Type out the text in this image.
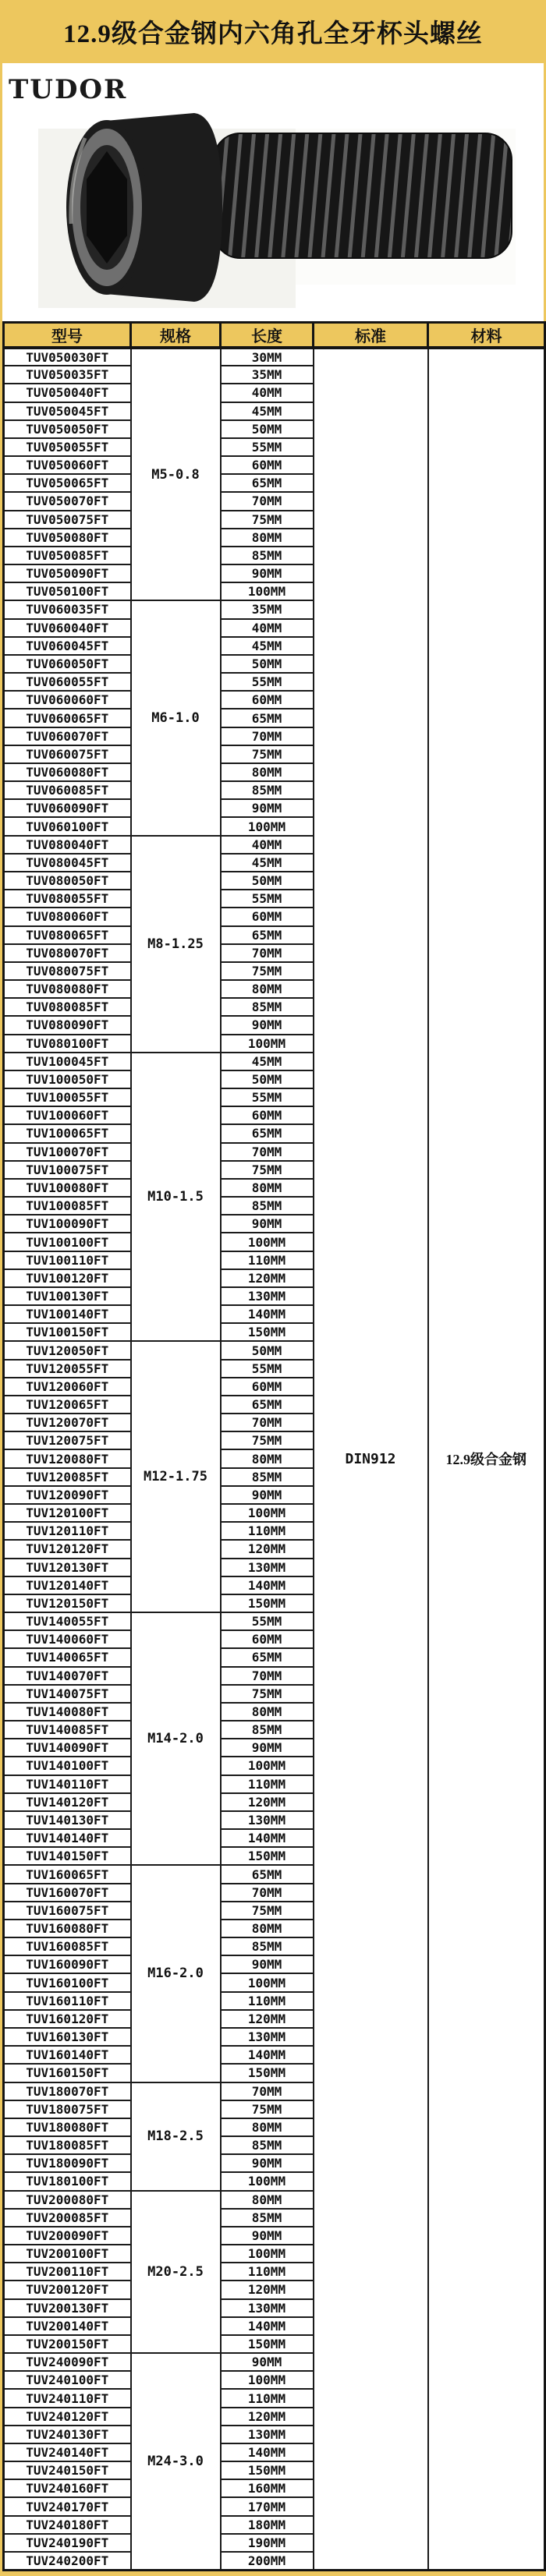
12.9级合金钢内六角孔全牙杯头螺丝
TUDOR
型号	规格	长度	标准	材料
TUV050030FT	M5-0.8	30MM	DIN912	12.9级合金钢
TUV050035FT		35MM		
TUV050040FT		40MM		
TUV050045FT		45MM		
TUV050050FT		50MM		
TUV050055FT		55MM		
TUV050060FT		60MM		
TUV050065FT		65MM		
TUV050070FT		70MM		
TUV050075FT		75MM		
TUV050080FT		80MM		
TUV050085FT		85MM		
TUV050090FT		90MM		
TUV050100FT		100MM		
TUV060035FT	M6-1.0	35MM		
TUV060040FT		40MM		
TUV060045FT		45MM		
TUV060050FT		50MM		
TUV060055FT		55MM		
TUV060060FT		60MM		
TUV060065FT		65MM		
TUV060070FT		70MM		
TUV060075FT		75MM		
TUV060080FT		80MM		
TUV060085FT		85MM		
TUV060090FT		90MM		
TUV060100FT		100MM		
TUV080040FT	M8-1.25	40MM		
TUV080045FT		45MM		
TUV080050FT		50MM		
TUV080055FT		55MM		
TUV080060FT		60MM		
TUV080065FT		65MM		
TUV080070FT		70MM		
TUV080075FT		75MM		
TUV080080FT		80MM		
TUV080085FT		85MM		
TUV080090FT		90MM		
TUV080100FT		100MM		
TUV100045FT	M10-1.5	45MM		
TUV100050FT		50MM		
TUV100055FT		55MM		
TUV100060FT		60MM		
TUV100065FT		65MM		
TUV100070FT		70MM		
TUV100075FT		75MM		
TUV100080FT		80MM		
TUV100085FT		85MM		
TUV100090FT		90MM		
TUV100100FT		100MM		
TUV100110FT		110MM		
TUV100120FT		120MM		
TUV100130FT		130MM		
TUV100140FT		140MM		
TUV100150FT		150MM		
TUV120050FT	M12-1.75	50MM		
TUV120055FT		55MM		
TUV120060FT		60MM		
TUV120065FT		65MM		
TUV120070FT		70MM		
TUV120075FT		75MM		
TUV120080FT		80MM		
TUV120085FT		85MM		
TUV120090FT		90MM		
TUV120100FT		100MM		
TUV120110FT		110MM		
TUV120120FT		120MM		
TUV120130FT		130MM		
TUV120140FT		140MM		
TUV120150FT		150MM		
TUV140055FT	M14-2.0	55MM		
TUV140060FT		60MM		
TUV140065FT		65MM		
TUV140070FT		70MM		
TUV140075FT		75MM		
TUV140080FT		80MM		
TUV140085FT		85MM		
TUV140090FT		90MM		
TUV140100FT		100MM		
TUV140110FT		110MM		
TUV140120FT		120MM		
TUV140130FT		130MM		
TUV140140FT		140MM		
TUV140150FT		150MM		
TUV160065FT	M16-2.0	65MM		
TUV160070FT		70MM		
TUV160075FT		75MM		
TUV160080FT		80MM		
TUV160085FT		85MM		
TUV160090FT		90MM		
TUV160100FT		100MM		
TUV160110FT		110MM		
TUV160120FT		120MM		
TUV160130FT		130MM		
TUV160140FT		140MM		
TUV160150FT		150MM		
TUV180070FT	M18-2.5	70MM		
TUV180075FT		75MM		
TUV180080FT		80MM		
TUV180085FT		85MM		
TUV180090FT		90MM		
TUV180100FT		100MM		
TUV200080FT	M20-2.5	80MM		
TUV200085FT		85MM		
TUV200090FT		90MM		
TUV200100FT		100MM		
TUV200110FT		110MM		
TUV200120FT		120MM		
TUV200130FT		130MM		
TUV200140FT		140MM		
TUV200150FT		150MM		
TUV240090FT	M24-3.0	90MM		
TUV240100FT		100MM		
TUV240110FT		110MM		
TUV240120FT		120MM		
TUV240130FT		130MM		
TUV240140FT		140MM		
TUV240150FT		150MM		
TUV240160FT		160MM		
TUV240170FT		170MM		
TUV240180FT		180MM		
TUV240190FT		190MM		
TUV240200FT		200MM		
